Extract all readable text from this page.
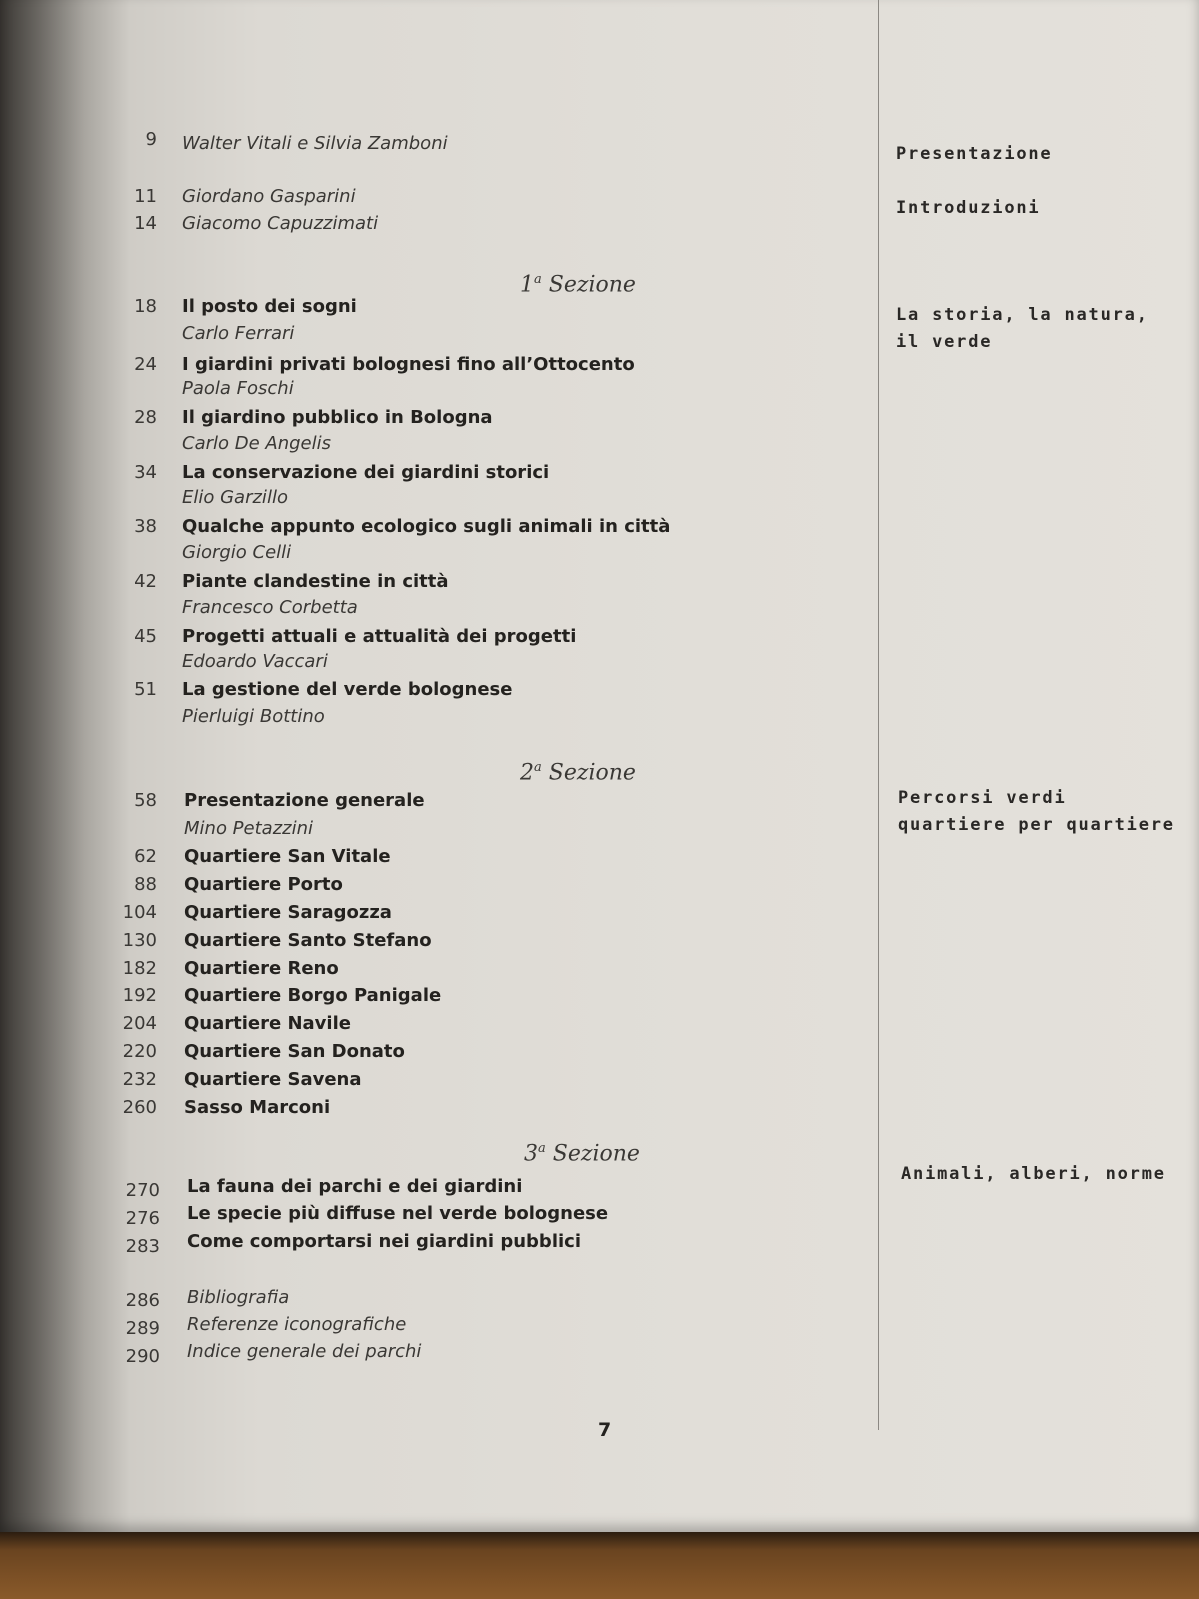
9 Walter Vitali e Silvia Zamboni
11 Giordano Gasparini
14 Giacomo Capuzzimati
1$^a$ Sezione
18 Il posto dei sogni
Carlo Ferrari
24 I giardini privati bolognesi fino all’Ottocento
Paola Foschi
28 Il giardino pubblico in Bologna
Carlo De Angelis
34 La conservazione dei giardini storici
Elio Garzillo
38 Qualche appunto ecologico sugli animali in città
Giorgio Celli
42 Piante clandestine in città
Francesco Corbetta
45 Progetti attuali e attualità dei progetti
Edoardo Vaccari
51 La gestione del verde bolognese
Pierluigi Bottino
2$^a$ Sezione
58 Presentazione generale
Mino Petazzini
62 Quartiere San Vitale
88 Quartiere Porto
104 Quartiere Saragozza
130 Quartiere Santo Stefano
182 Quartiere Reno
192 Quartiere Borgo Panigale
204 Quartiere Navile
220 Quartiere San Donato
232 Quartiere Savena
260 Sasso Marconi
3$^a$ Sezione
270 La fauna dei parchi e dei giardini
276 Le specie più diffuse nel verde bolognese
283 Come comportarsi nei giardini pubblici
286 Bibliografia
289 Referenze iconografiche
290 Indice generale dei parchi
Presentazione
Introduzioni
La storia, la natura,
il verde
Percorsi verdi
quartiere per quartiere
Animali, alberi, norme
7
